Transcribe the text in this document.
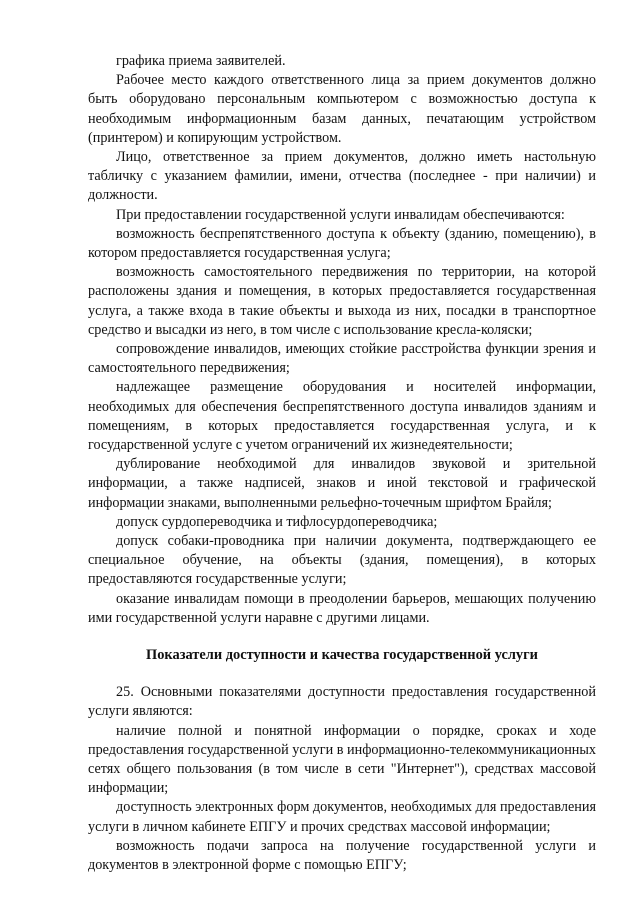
графика приема заявителей.

Рабочее место каждого ответственного лица за прием документов должно быть оборудовано персональным компьютером с возможностью доступа к необходимым информационным базам данных, печатающим устройством (принтером) и копирующим устройством.

Лицо, ответственное за прием документов, должно иметь настольную табличку с указанием фамилии, имени, отчества (последнее - при наличии) и должности.

При предоставлении государственной услуги инвалидам обеспечиваются:

возможность беспрепятственного доступа к объекту (зданию, помещению), в котором предоставляется государственная услуга;

возможность самостоятельного передвижения по территории, на которой расположены здания и помещения, в которых предоставляется государственная услуга, а также входа в такие объекты и выхода из них, посадки в транспортное средство и высадки из него, в том числе с использование кресла-коляски;

сопровождение инвалидов, имеющих стойкие расстройства функции зрения и самостоятельного передвижения;

надлежащее размещение оборудования и носителей информации, необходимых для обеспечения беспрепятственного доступа инвалидов зданиям и помещениям, в которых предоставляется государственная услуга, и к государственной услуге с учетом ограничений их жизнедеятельности;

дублирование необходимой для инвалидов звуковой и зрительной информации, а также надписей, знаков и иной текстовой и графической информации знаками, выполненными рельефно-точечным шрифтом Брайля;

допуск сурдопереводчика и тифлосурдопереводчика;

допуск собаки-проводника при наличии документа, подтверждающего ее специальное обучение, на объекты (здания, помещения), в которых предоставляются государственные услуги;

оказание инвалидам помощи в преодолении барьеров, мешающих получению ими государственной услуги наравне с другими лицами.

Показатели доступности и качества государственной услуги

25. Основными показателями доступности предоставления государственной услуги являются:

наличие полной и понятной информации о порядке, сроках и ходе предоставления государственной услуги в информационно-телекоммуникационных сетях общего пользования (в том числе в сети "Интернет"), средствах массовой информации;

доступность электронных форм документов, необходимых для предоставления услуги в личном кабинете ЕПГУ и прочих средствах массовой информации;

возможность подачи запроса на получение государственной услуги и документов в электронной форме с помощью ЕПГУ;
